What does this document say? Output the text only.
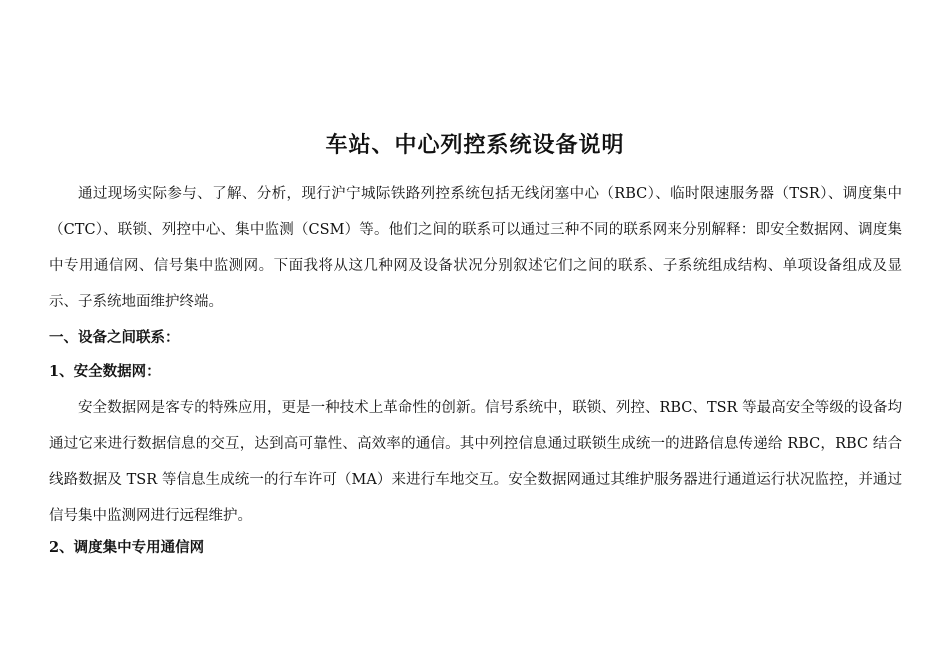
车站、中心列控系统设备说明
通过现场实际参与、了解、分析，现行沪宁城际铁路列控系统包括无线闭塞中心（RBC）、临时限速服务器（TSR）、调度集中（CTC）、联锁、列控中心、集中监测（CSM）等。他们之间的联系可以通过三种不同的联系网来分别解释：即安全数据网、调度集中专用通信网、信号集中监测网。下面我将从这几种网及设备状况分别叙述它们之间的联系、子系统组成结构、单项设备组成及显示、子系统地面维护终端。
一、设备之间联系：
1、安全数据网：
安全数据网是客专的特殊应用，更是一种技术上革命性的创新。信号系统中，联锁、列控、RBC、TSR 等最高安全等级的设备均通过它来进行数据信息的交互，达到高可靠性、高效率的通信。其中列控信息通过联锁生成统一的进路信息传递给 RBC，RBC 结合线路数据及 TSR 等信息生成统一的行车许可（MA）来进行车地交互。安全数据网通过其维护服务器进行通道运行状况监控，并通过信号集中监测网进行远程维护。
2、调度集中专用通信网
